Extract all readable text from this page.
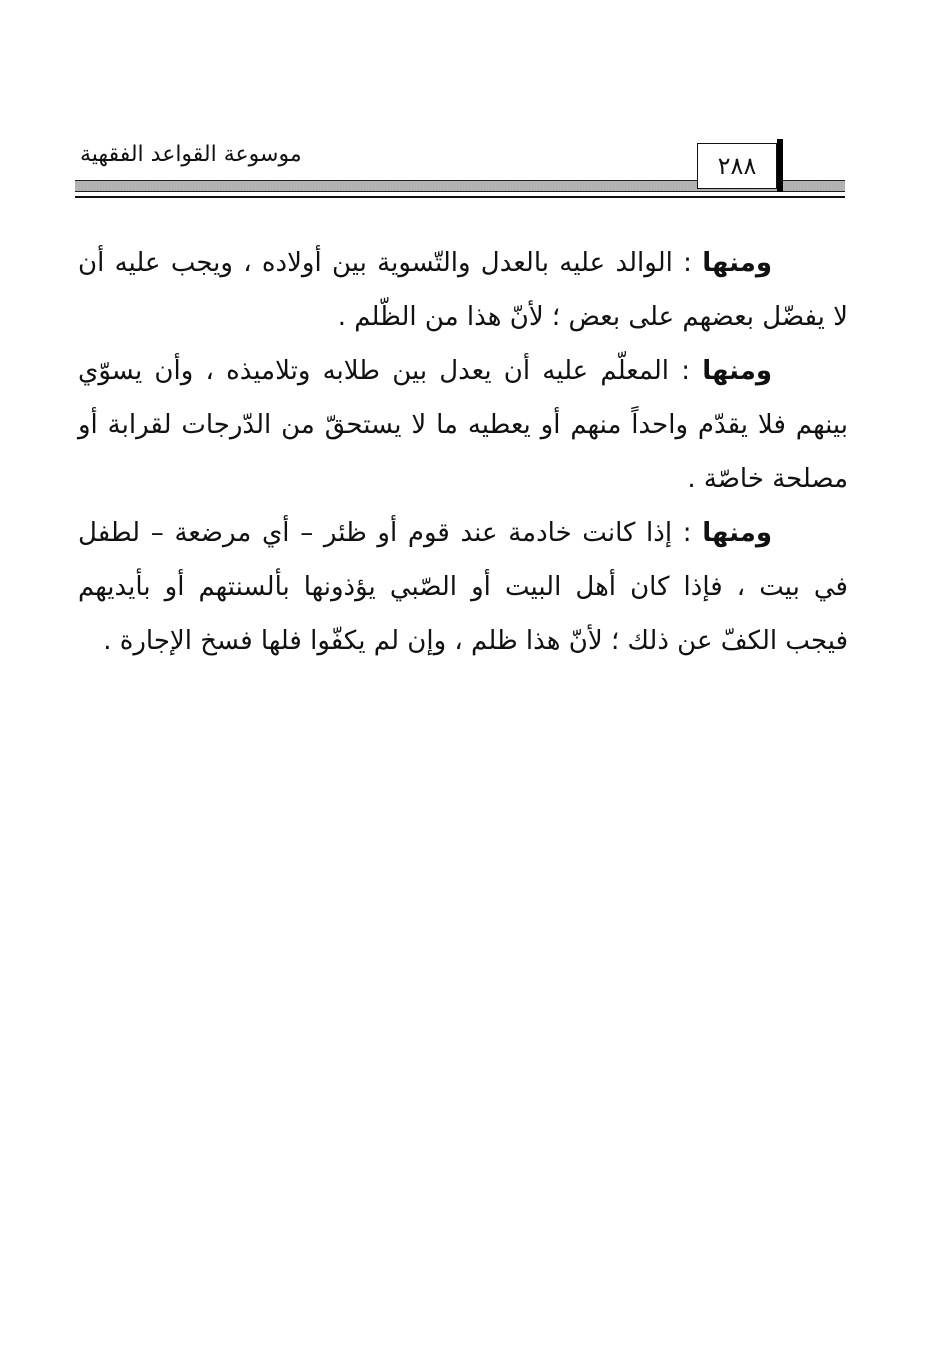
موسوعة القواعد الفقهية	٢٨٨

ومنها : الوالد عليه بالعدل والتّسوية بين أولاده ، ويجب عليه أن لا يفضّل بعضهم على بعض ؛ لأنّ هذا من الظّلم .

ومنها : المعلّم عليه أن يعدل بين طلابه وتلاميذه ، وأن يسوّي بينهم فلا يقدّم واحداً منهم أو يعطيه ما لا يستحقّ من الدّرجات لقرابة أو مصلحة خاصّة .

ومنها : إذا كانت خادمة عند قوم أو ظئر – أي مرضعة – لطفل في بيت ، فإذا كان أهل البيت أو الصّبي يؤذونها بألسنتهم أو بأيديهم فيجب الكفّ عن ذلك ؛ لأنّ هذا ظلم ، وإن لم يكفّوا فلها فسخ الإجارة .
